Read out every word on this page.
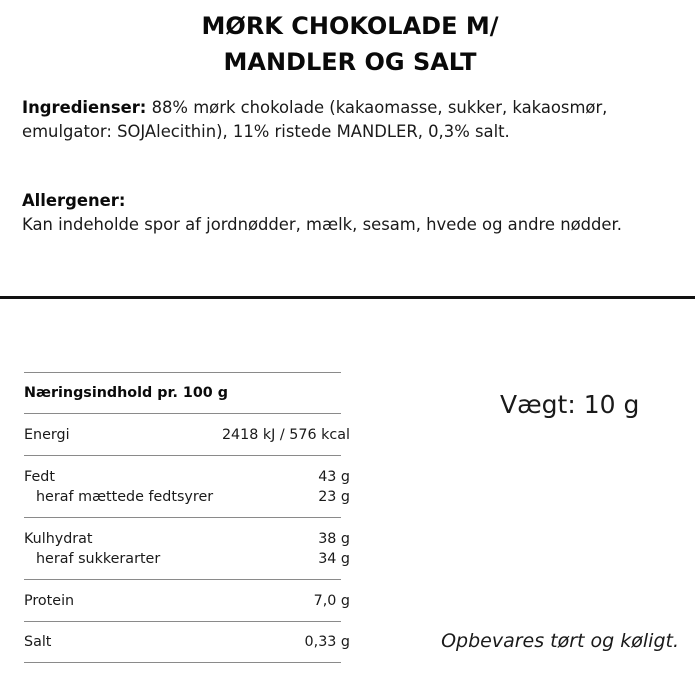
MØRK CHOKOLADE M/
MANDLER OG SALT
Ingredienser: 88% mørk chokolade (kakaomasse, sukker, kakaosmør,
emulgator: SOJAlecithin), 11% ristede MANDLER, 0,3% salt.
Allergener:
Kan indeholde spor af jordnødder, mælk, sesam, hvede og andre nødder.
Næringsindhold pr. 100 g
Energi	2418 kJ / 576 kcal
Fedt	43 g
heraf mættede fedtsyrer	23 g
Kulhydrat	38 g
heraf sukkerarter	34 g
Protein	7,0 g
Salt	0,33 g
Vægt: 10 g
Opbevares tørt og køligt.
